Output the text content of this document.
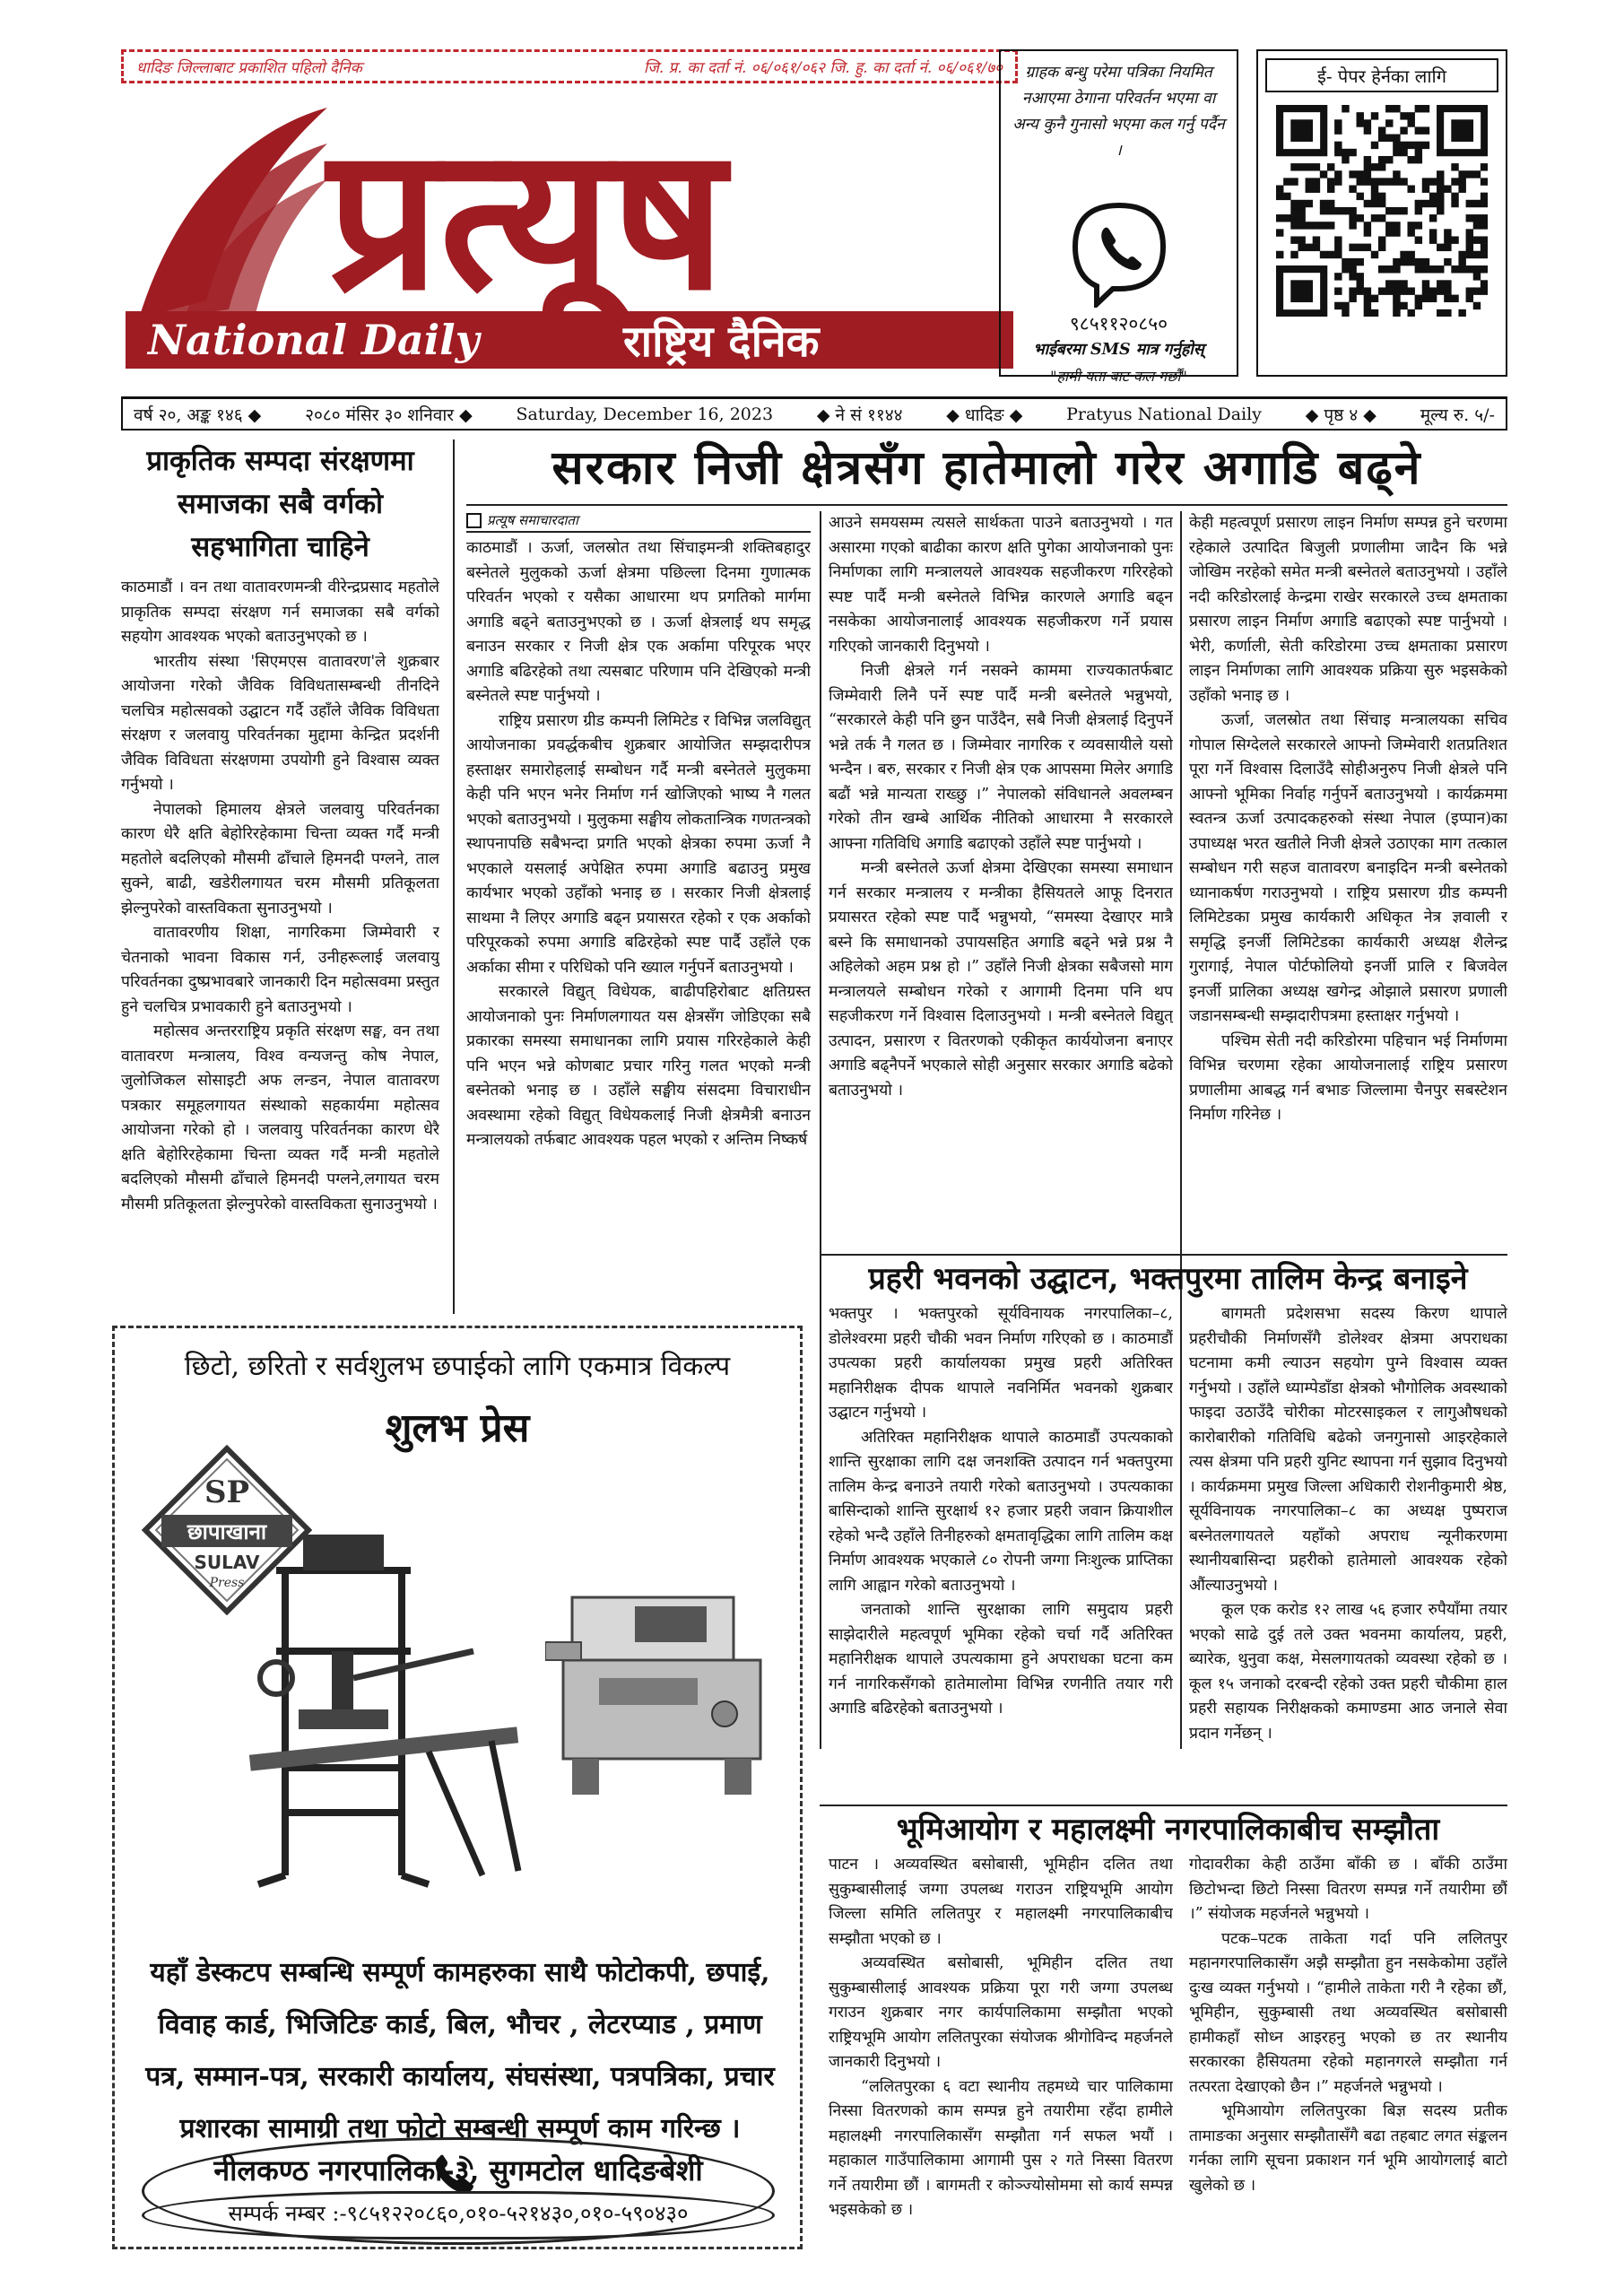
धादिङ जिल्लाबाट प्रकाशित पहिलो दैनिक	जि. प्र. का दर्ता नं. ०६/०६१/०६२ जि. हु. का दर्ता नं. ०६/०६१/७०
प्रत्यूष
National Daily	राष्ट्रिय दैनिक
ग्राहक बन्धु परेमा पत्रिका नियमित नआएमा ठेगाना परिवर्तन भएमा वा अन्य कुनै गुनासो भएमा कल गर्नु पर्दैन ।
९८५११२०८५०
भाईबरमा SMS मात्र गर्नुहोस्
"हामी यता बाट कल गर्छौं"
ई- पेपर हेर्नका लागि
वर्ष २०, अङ्क १४६ ◆	२०८० मंसिर ३० शनिवार ◆	Saturday, December 16, 2023	◆ ने सं ११४४	◆ धादिङ ◆	Pratyus National Daily	◆ पृष्ठ ४ ◆	मूल्य रु. ५/-
प्राकृतिक सम्पदा संरक्षणमा समाजका सबै वर्गको सहभागिता चाहिने

काठमाडौं । वन तथा वातावरणमन्त्री वीरेन्द्रप्रसाद महतोले प्राकृतिक सम्पदा संरक्षण गर्न समाजका सबै वर्गको सहयोग आवश्यक भएको बताउनुभएको छ ।

भारतीय संस्था 'सिएमएस वातावरण'ले शुक्रबार आयोजना गरेको जैविक विविधतासम्बन्धी तीनदिने चलचित्र महोत्सवको उद्घाटन गर्दै उहाँले जैविक विविधता संरक्षण र जलवायु परिवर्तनका मुद्दामा केन्द्रित प्रदर्शनी जैविक विविधता संरक्षणमा उपयोगी हुने विश्वास व्यक्त गर्नुभयो ।

नेपालको हिमालय क्षेत्रले जलवायु परिवर्तनका कारण धेरै क्षति बेहोरिरहेकामा चिन्ता व्यक्त गर्दै मन्त्री महतोले बदलिएको मौसमी ढाँचाले हिमनदी पग्लने, ताल सुक्ने, बाढी, खडेरीलगायत चरम मौसमी प्रतिकूलता झेल्नुपरेको वास्तविकता सुनाउनुभयो ।

वातावरणीय शिक्षा, नागरिकमा जिम्मेवारी र चेतनाको भावना विकास गर्न, उनीहरूलाई जलवायु परिवर्तनका दुष्प्रभावबारे जानकारी दिन महोत्सवमा प्रस्तुत हुने चलचित्र प्रभावकारी हुने बताउनुभयो ।

महोत्सव अन्तरराष्ट्रिय प्रकृति संरक्षण सङ्घ, वन तथा वातावरण मन्त्रालय, विश्व वन्यजन्तु कोष नेपाल, जुलोजिकल सोसाइटी अफ लन्डन, नेपाल वातावरण पत्रकार समूहलगायत संस्थाको सहकार्यमा महोत्सव आयोजना गरेको हो । जलवायु परिवर्तनका कारण धेरै क्षति बेहोरिरहेकामा चिन्ता व्यक्त गर्दै मन्त्री महतोले बदलिएको मौसमी ढाँचाले हिमनदी पग्लने,लगायत चरम मौसमी प्रतिकूलता झेल्नुपरेको वास्तविकता सुनाउनुभयो ।

सरकार निजी क्षेत्रसँग हातेमालो गरेर अगाडि बढ्ने
प्रत्यूष समाचारदाता

काठमाडौं । ऊर्जा, जलस्रोत तथा सिंचाइमन्त्री शक्तिबहादुर बस्नेतले मुलुकको ऊर्जा क्षेत्रमा पछिल्ला दिनमा गुणात्मक परिवर्तन भएको र यसैका आधारमा थप प्रगतिको मार्गमा अगाडि बढ्ने बताउनुभएको छ । ऊर्जा क्षेत्रलाई थप समृद्ध बनाउन सरकार र निजी क्षेत्र एक अर्कामा परिपूरक भएर अगाडि बढिरहेको तथा त्यसबाट परिणाम पनि देखिएको मन्त्री बस्नेतले स्पष्ट पार्नुभयो ।

राष्ट्रिय प्रसारण ग्रीड कम्पनी लिमिटेड र विभिन्न जलविद्युत् आयोजनाका प्रवर्द्धकबीच शुक्रबार आयोजित सम्झदारीपत्र हस्ताक्षर समारोहलाई सम्बोधन गर्दै मन्त्री बस्नेतले मुलुकमा केही पनि भएन भनेर निर्माण गर्न खोजिएको भाष्य नै गलत भएको बताउनुभयो । मुलुकमा सङ्घीय लोकतान्त्रिक गणतन्त्रको स्थापनापछि सबैभन्दा प्रगति भएको क्षेत्रका रुपमा ऊर्जा नै भएकाले यसलाई अपेक्षित रुपमा अगाडि बढाउनु प्रमुख कार्यभार भएको उहाँको भनाइ छ । सरकार निजी क्षेत्रलाई साथमा नै लिएर अगाडि बढ्न प्रयासरत रहेको र एक अर्काको परिपूरकको रुपमा अगाडि बढिरहेको स्पष्ट पार्दै उहाँले एक अर्काका सीमा र परिधिको पनि ख्याल गर्नुपर्ने बताउनुभयो ।

सरकारले विद्युत् विधेयक, बाढीपहिरोबाट क्षतिग्रस्त आयोजनाको पुनः निर्माणलगायत यस क्षेत्रसँग जोडिएका सबै प्रकारका समस्या समाधानका लागि प्रयास गरिरहेकाले केही पनि भएन भन्ने कोणबाट प्रचार गरिनु गलत भएको मन्त्री बस्नेतको भनाइ छ । उहाँले सङ्घीय संसदमा विचाराधीन अवस्थामा रहेको विद्युत् विधेयकलाई निजी क्षेत्रमैत्री बनाउन मन्त्रालयको तर्फबाट आवश्यक पहल भएको र अन्तिम निष्कर्ष

आउने समयसम्म त्यसले सार्थकता पाउने बताउनुभयो । गत असारमा गएको बाढीका कारण क्षति पुगेका आयोजनाको पुनः निर्माणका लागि मन्त्रालयले आवश्यक सहजीकरण गरिरहेको स्पष्ट पार्दै मन्त्री बस्नेतले विभिन्न कारणले अगाडि बढ्न नसकेका आयोजनालाई आवश्यक सहजीकरण गर्ने प्रयास गरिएको जानकारी दिनुभयो ।

निजी क्षेत्रले गर्न नसक्ने काममा राज्यकातर्फबाट जिम्मेवारी लिनै पर्ने स्पष्ट पार्दै मन्त्री बस्नेतले भन्नुभयो, “सरकारले केही पनि छुन पाउँदैन, सबै निजी क्षेत्रलाई दिनुपर्ने भन्ने तर्क नै गलत छ । जिम्मेवार नागरिक र व्यवसायीले यसो भन्दैन । बरु, सरकार र निजी क्षेत्र एक आपसमा मिलेर अगाडि बढौं भन्ने मान्यता राख्छु ।” नेपालको संविधानले अवलम्बन गरेको तीन खम्बे आर्थिक नीतिको आधारमा नै सरकारले आफ्ना गतिविधि अगाडि बढाएको उहाँले स्पष्ट पार्नुभयो ।

मन्त्री बस्नेतले ऊर्जा क्षेत्रमा देखिएका समस्या समाधान गर्न सरकार मन्त्रालय र मन्त्रीका हैसियतले आफू दिनरात प्रयासरत रहेको स्पष्ट पार्दै भन्नुभयो, “समस्या देखाएर मात्रै बस्ने कि समाधानको उपायसहित अगाडि बढ्ने भन्ने प्रश्न नै अहिलेको अहम प्रश्न हो ।” उहाँले निजी क्षेत्रका सबैजसो माग मन्त्रालयले सम्बोधन गरेको र आगामी दिनमा पनि थप सहजीकरण गर्ने विश्वास दिलाउनुभयो । मन्त्री बस्नेतले विद्युत् उत्पादन, प्रसारण र वितरणको एकीकृत कार्ययोजना बनाएर अगाडि बढ्नैपर्ने भएकाले सोही अनुसार सरकार अगाडि बढेको बताउनुभयो ।

केही महत्वपूर्ण प्रसारण लाइन निर्माण सम्पन्न हुने चरणमा रहेकाले उत्पादित बिजुली प्रणालीमा जादैन कि भन्ने जोखिम नरहेको समेत मन्त्री बस्नेतले बताउनुभयो । उहाँले नदी करिडोरलाई केन्द्रमा राखेर सरकारले उच्च क्षमताका प्रसारण लाइन निर्माण अगाडि बढाएको स्पष्ट पार्नुभयो । भेरी, कर्णाली, सेती करिडोरमा उच्च क्षमताका प्रसारण लाइन निर्माणका लागि आवश्यक प्रक्रिया सुरु भइसकेको उहाँको भनाइ छ ।

ऊर्जा, जलस्रोत तथा सिंचाइ मन्त्रालयका सचिव गोपाल सिग्देलले सरकारले आफ्नो जिम्मेवारी शतप्रतिशत पूरा गर्ने विश्वास दिलाउँदै सोहीअनुरुप निजी क्षेत्रले पनि आफ्नो भूमिका निर्वाह गर्नुपर्ने बताउनुभयो । कार्यक्रममा स्वतन्त्र ऊर्जा उत्पादकहरुको संस्था नेपाल (इप्पान)का उपाध्यक्ष भरत खतीले निजी क्षेत्रले उठाएका माग तत्काल सम्बोधन गरी सहज वातावरण बनाइदिन मन्त्री बस्नेतको ध्यानाकर्षण गराउनुभयो । राष्ट्रिय प्रसारण ग्रीड कम्पनी लिमिटेडका प्रमुख कार्यकारी अधिकृत नेत्र ज्ञवाली र समृद्धि इनर्जी लिमिटेडका कार्यकारी अध्यक्ष शैलेन्द्र गुरागाई, नेपाल पोर्टफोलियो इनर्जी प्रालि र बिजवेल इनर्जी प्रालिका अध्यक्ष खगेन्द्र ओझाले प्रसारण प्रणाली जडानसम्बन्धी सम्झदारीपत्रमा हस्ताक्षर गर्नुभयो ।

पश्चिम सेती नदी करिडोरमा पहिचान भई निर्माणमा विभिन्न चरणमा रहेका आयोजनालाई राष्ट्रिय प्रसारण प्रणालीमा आबद्ध गर्न बभाङ जिल्लामा चैनपुर सबस्टेशन निर्माण गरिनेछ ।

प्रहरी भवनको उद्घाटन, भक्तपुरमा तालिम केन्द्र बनाइने

भक्तपुर । भक्तपुरको सूर्यविनायक नगरपालिका–८, डोलेश्वरमा प्रहरी चौकी भवन निर्माण गरिएको छ । काठमाडौं उपत्यका प्रहरी कार्यालयका प्रमुख प्रहरी अतिरिक्त महानिरीक्षक दीपक थापाले नवनिर्मित भवनको शुक्रबार उद्घाटन गर्नुभयो ।

अतिरिक्त महानिरीक्षक थापाले काठमाडौं उपत्यकाको शान्ति सुरक्षाका लागि दक्ष जनशक्ति उत्पादन गर्न भक्तपुरमा तालिम केन्द्र बनाउने तयारी गरेको बताउनुभयो । उपत्यकाका बासिन्दाको शान्ति सुरक्षार्थ १२ हजार प्रहरी जवान क्रियाशील रहेको भन्दै उहाँले तिनीहरुको क्षमतावृद्धिका लागि तालिम कक्ष निर्माण आवश्यक भएकाले ८० रोपनी जग्गा निःशुल्क प्राप्तिका लागि आह्वान गरेको बताउनुभयो ।

जनताको शान्ति सुरक्षाका लागि समुदाय प्रहरी साझेदारीले महत्वपूर्ण भूमिका रहेको चर्चा गर्दै अतिरिक्त महानिरीक्षक थापाले उपत्यकामा हुने अपराधका घटना कम गर्न नागरिकसँगको हातेमालोमा विभिन्न रणनीति तयार गरी अगाडि बढिरहेको बताउनुभयो ।

बागमती प्रदेशसभा सदस्य किरण थापाले प्रहरीचौकी निर्माणसँगै डोलेश्वर क्षेत्रमा अपराधका घटनामा कमी ल्याउन सहयोग पुग्ने विश्वास व्यक्त गर्नुभयो । उहाँले ध्याम्पेडाँडा क्षेत्रको भौगोलिक अवस्थाको फाइदा उठाउँदै चोरीका मोटरसाइकल र लागुऔषधको कारोबारीको गतिविधि बढेको जनगुनासो आइरहेकाले त्यस क्षेत्रमा पनि प्रहरी युनिट स्थापना गर्न सुझाव दिनुभयो । कार्यक्रममा प्रमुख जिल्ला अधिकारी रोशनीकुमारी श्रेष्ठ, सूर्यविनायक नगरपालिका–८ का अध्यक्ष पुष्पराज बस्नेतलगायतले यहाँको अपराध न्यूनीकरणमा स्थानीयबासिन्दा प्रहरीको हातेमालो आवश्यक रहेको औंल्याउनुभयो ।

कूल एक करोड १२ लाख ५६ हजार रुपैयाँमा तयार भएको साढे दुई तले उक्त भवनमा कार्यालय, प्रहरी, ब्यारेक, थुनुवा कक्ष, मेसलगायतको व्यवस्था रहेको छ । कूल १५ जनाको दरबन्दी रहेको उक्त प्रहरी चौकीमा हाल प्रहरी सहायक निरीक्षकको कमाण्डमा आठ जनाले सेवा प्रदान गर्नेछन् ।

भूमिआयोग र महालक्ष्मी नगरपालिकाबीच सम्झौता

पाटन । अव्यवस्थित बसोबासी, भूमिहीन दलित तथा सुकुम्बासीलाई जग्गा उपलब्ध गराउन राष्ट्रियभूमि आयोग जिल्ला समिति ललितपुर र महालक्ष्मी नगरपालिकाबीच सम्झौता भएको छ ।

अव्यवस्थित बसोबासी, भूमिहीन दलित तथा सुकुम्बासीलाई आवश्यक प्रक्रिया पूरा गरी जग्गा उपलब्ध गराउन शुक्रबार नगर कार्यपालिकामा सम्झौता भएको राष्ट्रियभूमि आयोग ललितपुरका संयोजक श्रीगोविन्द महर्जनले जानकारी दिनुभयो ।

“ललितपुरका ६ वटा स्थानीय तहमध्ये चार पालिकामा निस्सा वितरणको काम सम्पन्न हुने तयारीमा रहँदा हामीले महालक्ष्मी नगरपालिकासँग सम्झौता गर्न सफल भयौं । महाकाल गाउँपालिकामा आगामी पुस २ गते निस्सा वितरण गर्ने तयारीमा छौं । बागमती र कोञ्ज्योसोममा सो कार्य सम्पन्न भइसकेको छ ।

गोदावरीका केही ठाउँमा बाँकी छ । बाँकी ठाउँमा छिटोभन्दा छिटो निस्सा वितरण सम्पन्न गर्ने तयारीमा छौं ।” संयोजक महर्जनले भन्नुभयो ।

पटक–पटक ताकेता गर्दा पनि ललितपुर महानगरपालिकासँग अझै सम्झौता हुन नसकेकोमा उहाँले दुःख व्यक्त गर्नुभयो । “हामीले ताकेता गरी नै रहेका छौं, भूमिहीन, सुकुम्बासी तथा अव्यवस्थित बसोबासी हामीकहाँ सोध्न आइरहनु भएको छ तर स्थानीय सरकारका हैसियतमा रहेको महानगरले सम्झौता गर्न तत्परता देखाएको छैन ।” महर्जनले भन्नुभयो ।

भूमिआयोग ललितपुरका बिज्ञ सदस्य प्रतीक तामाङका अनुसार सम्झौतासँगै बढा तहबाट लगत संङ्कलन गर्नका लागि सूचना प्रकाशन गर्न भूमि आयोगलाई बाटो खुलेको छ ।

छिटो, छरितो र सर्वशुलभ छपाईको लागि एकमात्र विकल्प
शुलभ प्रेस
SP
छापाखाना
SULAV
Press
यहाँ डेस्कटप सम्बन्धि सम्पूर्ण कामहरुका साथै फोटोकपी, छपाई, विवाह कार्ड, भिजिटिङ कार्ड, बिल, भौचर , लेटरप्याड , प्रमाण पत्र, सम्मान-पत्र, सरकारी कार्यालय, संघसंस्था, पत्रपत्रिका, प्रचार प्रशारका सामाग्री तथा फोटो सम्बन्धी सम्पूर्ण काम गरिन्छ ।
नीलकण्ठ नगरपालिका-३, सुगमटोल धादिङबेशी
सम्पर्क नम्बर :-९८५१२२०८६०,०१०-५२१४३०,०१०-५९०४३०
